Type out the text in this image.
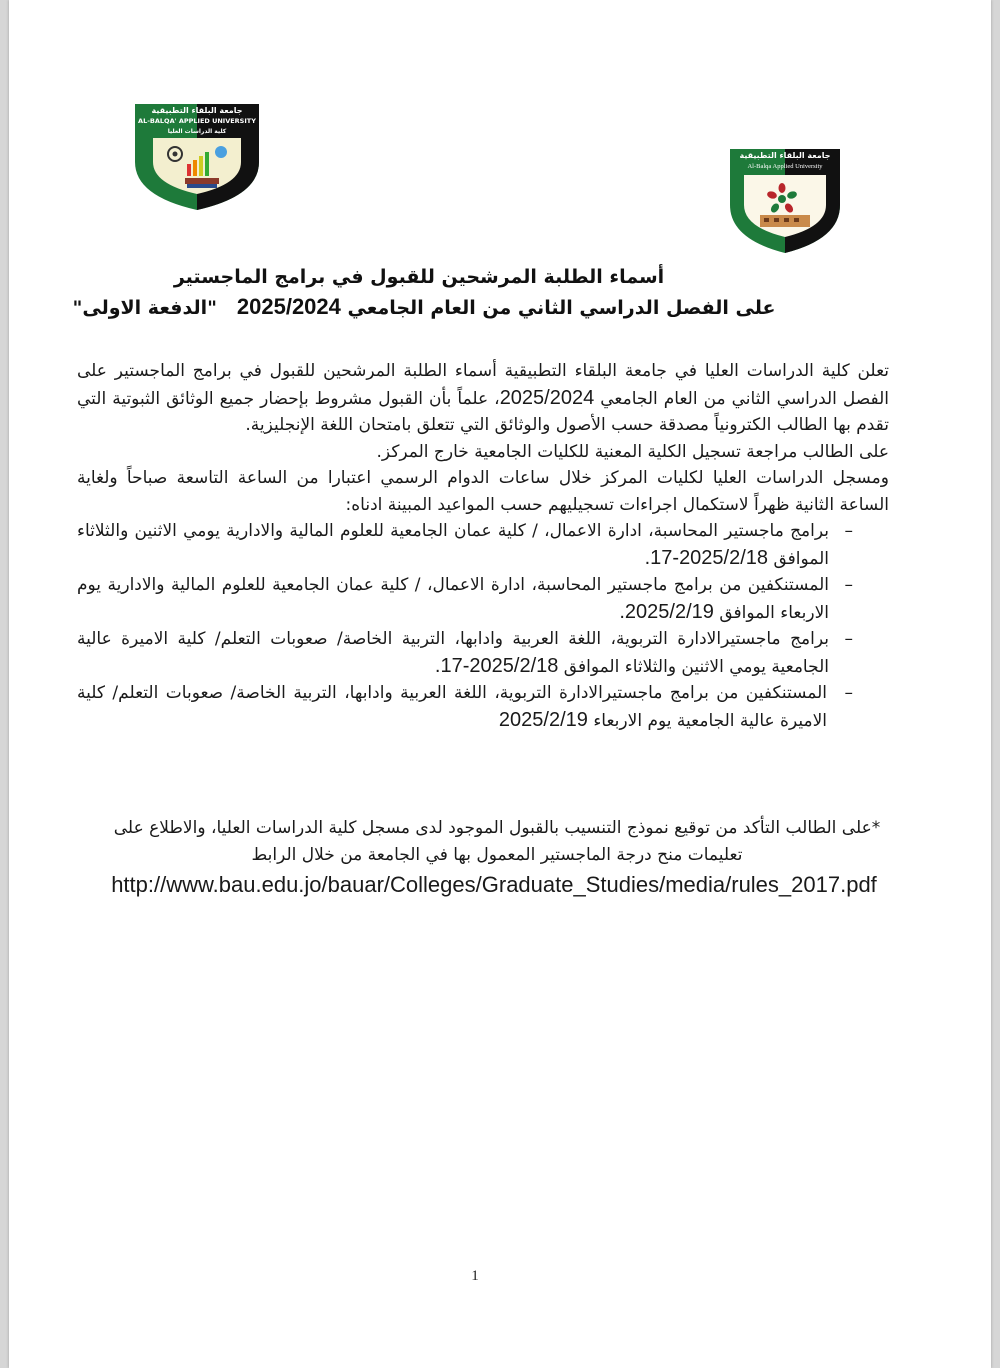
جامعة البلقاء التطبيقية
AL-BALQA' APPLIED UNIVERSITY
كلية الدراسات العليا
جامعة البلقاء التطبيقية
Al-Balqa Applied University
أسماء الطلبة المرشحين للقبول في برامج الماجستير
على الفصل الدراسي الثاني من العام الجامعي 2025/2024   "الدفعة الاولى"

تعلن كلية الدراسات العليا في جامعة البلقاء التطبيقية أسماء الطلبة المرشحين للقبول في برامج الماجستير على الفصل الدراسي الثاني من العام الجامعي 2025/2024، علماً بأن القبول مشروط بإحضار جميع الوثائق الثبوتية التي تقدم بها الطالب الكترونياً مصدقة حسب الأصول والوثائق التي تتعلق بامتحان اللغة الإنجليزية.

على الطالب مراجعة تسجيل الكلية المعنية للكليات الجامعية خارج المركز.

ومسجل الدراسات العليا لكليات المركز خلال ساعات الدوام الرسمي اعتبارا من الساعة التاسعة صباحاً ولغاية الساعة الثانية ظهراً لاستكمال اجراءات تسجيليهم حسب المواعيد المبينة ادناه:

–
برامج ماجستير المحاسبة، ادارة الاعمال، / كلية عمان الجامعية للعلوم المالية والادارية يومي الاثنين والثلاثاء الموافق 2025/2/18-17.
–
المستنكفين من برامج ماجستير المحاسبة، ادارة الاعمال، / كلية عمان الجامعية للعلوم المالية والادارية يوم الاربعاء الموافق 2025/2/19.
–
برامج ماجستيرالادارة التربوية، اللغة العربية وادابها، التربية الخاصة/ صعوبات التعلم/ كلية الاميرة عالية الجامعية يومي الاثنين والثلاثاء الموافق 2025/2/18-17.
–
المستنكفين من برامج ماجستيرالادارة التربوية، اللغة العربية وادابها، التربية الخاصة/ صعوبات التعلم/ كلية الاميرة عالية الجامعية يوم الاربعاء 2025/2/19

*على الطالب التأكد من توقيع نموذج التنسيب بالقبول الموجود لدى مسجل كلية الدراسات العليا، والاطلاع على تعليمات منح درجة الماجستير المعمول بها في الجامعة من خلال الرابط

http://www.bau.edu.jo/bauar/Colleges/Graduate_Studies/media/rules_2017.pdf
1
